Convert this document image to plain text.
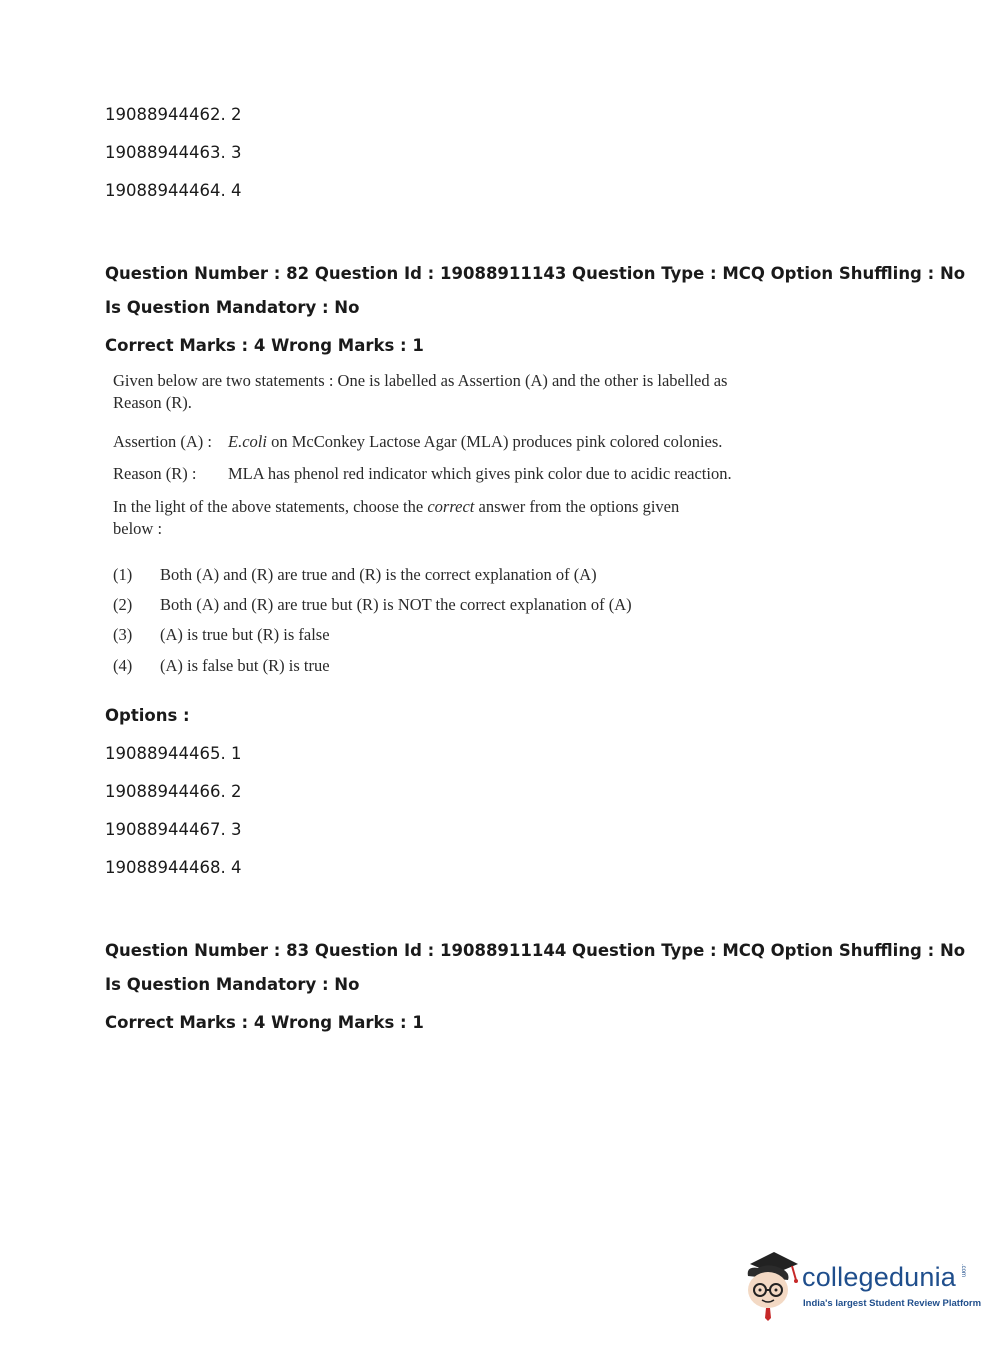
19088944462. 2
19088944463. 3
19088944464. 4
Question Number : 82 Question Id : 19088911143 Question Type : MCQ Option Shuffling : No
Is Question Mandatory : No
Correct Marks : 4 Wrong Marks : 1
Given below are two statements : One is labelled as Assertion (A) and the other is labelled as
Reason (R).
Assertion (A) : E.coli on McConkey Lactose Agar (MLA) produces pink colored colonies.
Reason (R) : MLA has phenol red indicator which gives pink color due to acidic reaction.
In the light of the above statements, choose the correct answer from the options given
below :
(1)	Both (A) and (R) are true and (R) is the correct explanation of (A)
(2)	Both (A) and (R) are true but (R) is NOT the correct explanation of (A)
(3)	(A) is true but (R) is false
(4)	(A) is false but (R) is true
Options :
19088944465. 1
19088944466. 2
19088944467. 3
19088944468. 4
Question Number : 83 Question Id : 19088911144 Question Type : MCQ Option Shuffling : No
Is Question Mandatory : No
Correct Marks : 4 Wrong Marks : 1
collegedunia .com
India's largest Student Review Platform
